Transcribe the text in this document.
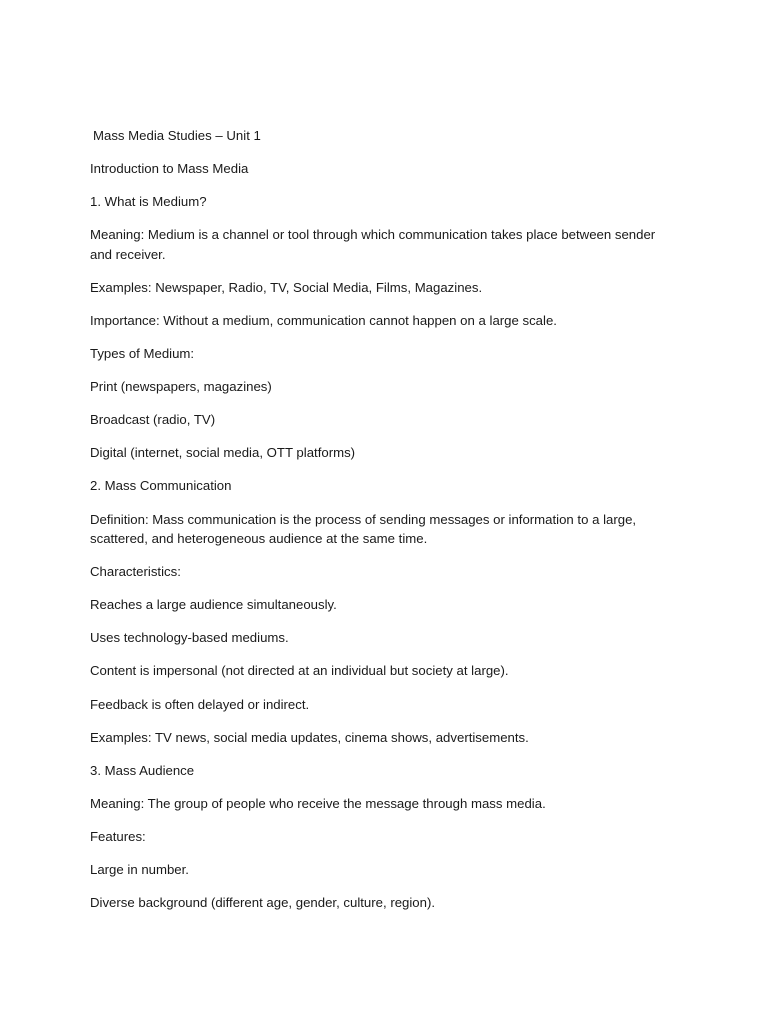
Mass Media Studies – Unit 1

Introduction to Mass Media

1. What is Medium?

Meaning: Medium is a channel or tool through which communication takes place between sender and receiver.

Examples: Newspaper, Radio, TV, Social Media, Films, Magazines.

Importance: Without a medium, communication cannot happen on a large scale.

Types of Medium:

Print (newspapers, magazines)

Broadcast (radio, TV)

Digital (internet, social media, OTT platforms)

2. Mass Communication

Definition: Mass communication is the process of sending messages or information to a large, scattered, and heterogeneous audience at the same time.

Characteristics:

Reaches a large audience simultaneously.

Uses technology-based mediums.

Content is impersonal (not directed at an individual but society at large).

Feedback is often delayed or indirect.

Examples: TV news, social media updates, cinema shows, advertisements.

3. Mass Audience

Meaning: The group of people who receive the message through mass media.

Features:

Large in number.

Diverse background (different age, gender, culture, region).
